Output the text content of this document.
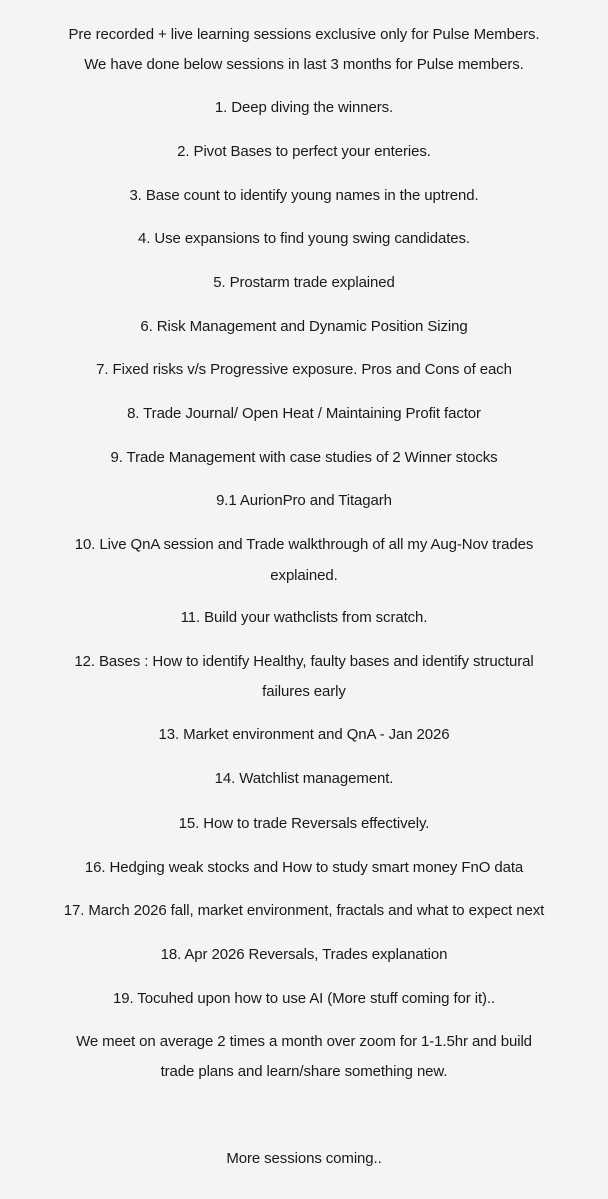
Pre recorded + live learning sessions exclusive only for Pulse Members.
We have done below sessions in last 3 months for Pulse members.
1. Deep diving the winners.
2. Pivot Bases to perfect your enteries.
3. Base count to identify young names in the uptrend.
4. Use expansions to find young swing candidates.
5. Prostarm trade explained
6. Risk Management and Dynamic Position Sizing
7. Fixed risks v/s Progressive exposure. Pros and Cons of each
8. Trade Journal/ Open Heat / Maintaining Profit factor
9. Trade Management with case studies of 2 Winner stocks
9.1 AurionPro and Titagarh
10. Live QnA session and Trade walkthrough of all my Aug-Nov trades
explained.
11. Build your wathclists from scratch.
12. Bases : How to identify Healthy, faulty bases and identify structural
failures early
13. Market environment and QnA - Jan 2026
14. Watchlist management.
15. How to trade Reversals effectively.
16. Hedging weak stocks and How to study smart money FnO data
17. March 2026 fall, market environment, fractals and what to expect next
18. Apr 2026 Reversals, Trades explanation
19. Tocuhed upon how to use AI (More stuff coming for it)..
We meet on average 2 times a month over zoom for 1-1.5hr and build
trade plans and learn/share something new.
More sessions coming..
